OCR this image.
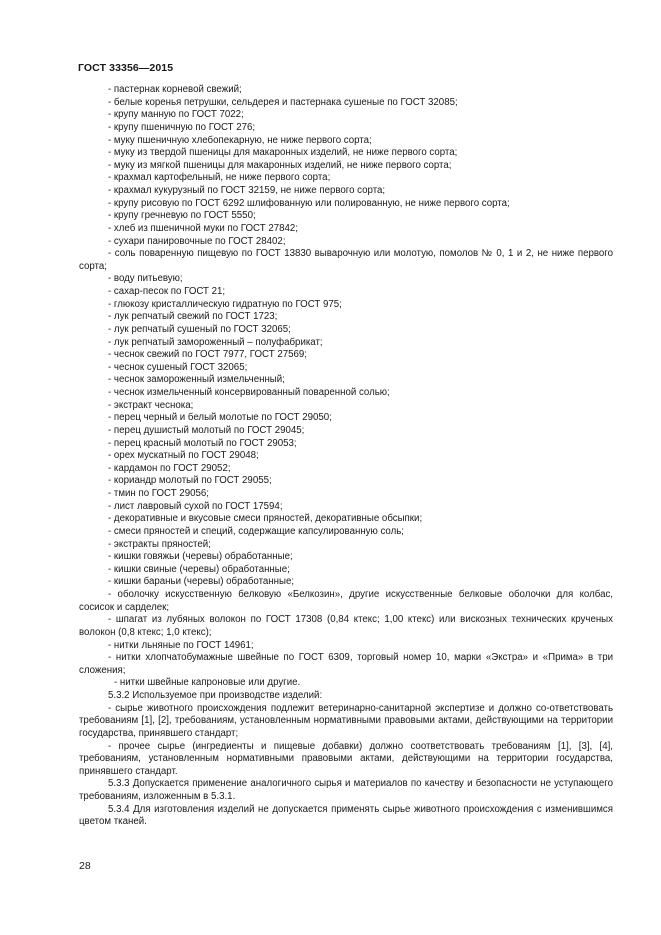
ГОСТ 33356—2015

- пастернак корневой свежий;

- белые коренья петрушки, сельдерея и пастернака сушеные по ГОСТ 32085;

- крупу манную по ГОСТ 7022;

- крупу пшеничную по ГОСТ 276;

- муку пшеничную хлебопекарную, не ниже первого сорта;

- муку из твердой пшеницы для макаронных изделий, не ниже первого сорта;

- муку из мягкой пшеницы для макаронных изделий, не ниже первого сорта;

- крахмал картофельный, не ниже первого сорта;

- крахмал кукурузный по ГОСТ 32159, не ниже первого сорта;

- крупу рисовую по ГОСТ 6292 шлифованную или полированную, не ниже первого сорта;

- крупу гречневую по ГОСТ 5550;

- хлеб из пшеничной муки по ГОСТ 27842;

- сухари панировочные по ГОСТ 28402;

- соль поваренную пищевую по ГОСТ 13830 выварочную или молотую, помолов № 0, 1 и 2, не ниже первого сорта;

- воду питьевую;

- сахар-песок по ГОСТ 21;

- глюкозу кристаллическую гидратную по ГОСТ 975;

- лук репчатый свежий по ГОСТ 1723;

- лук репчатый сушеный по ГОСТ 32065;

- лук репчатый замороженный – полуфабрикат;

- чеснок свежий по ГОСТ 7977, ГОСТ 27569;

- чеснок сушеный ГОСТ 32065;

- чеснок замороженный измельченный;

- чеснок измельченный консервированный поваренной солью;

- экстракт чеснока;

- перец черный и белый молотые по ГОСТ 29050;

- перец душистый молотый по ГОСТ 29045;

- перец красный молотый по ГОСТ 29053;

- орех мускатный по ГОСТ 29048;

- кардамон по ГОСТ 29052;

- кориандр молотый по ГОСТ 29055;

- тмин по ГОСТ 29056;

- лист лавровый сухой по ГОСТ 17594;

- декоративные и вкусовые смеси пряностей, декоративные обсыпки;

- смеси пряностей и специй, содержащие капсулированную соль;

- экстракты пряностей;

- кишки говяжьи (черевы) обработанные;

- кишки свиные (черевы) обработанные;

- кишки бараньи (черевы) обработанные;

- оболочку искусственную белковую «Белкозин», другие искусственные белковые оболочки для колбас, сосисок и сарделек;

- шпагат из лубяных волокон по ГОСТ 17308 (0,84 ктекс; 1,00 ктекс) или вискозных технических крученых волокон (0,8 ктекс; 1,0 ктекс);

- нитки льняные по ГОСТ 14961;

- нитки хлопчатобумажные швейные по ГОСТ 6309, торговый номер 10, марки «Экстра» и «Прима» в три сложения;

- нитки швейные капроновые или другие.

5.3.2 Используемое при производстве изделий:

- сырье животного происхождения подлежит ветеринарно-санитарной экспертизе и должно со-ответствовать требованиям [1], [2], требованиям, установленным нормативными правовыми актами, действующими на территории государства, принявшего стандарт;

- прочее сырье (ингредиенты и пищевые добавки) должно соответствовать требованиям [1], [3], [4], требованиям, установленным нормативными правовыми актами, действующими на территории государства, принявшего стандарт.

5.3.3 Допускается применение аналогичного сырья и материалов по качеству и безопасности не уступающего требованиям, изложенным в 5.3.1.

5.3.4 Для изготовления изделий не допускается применять сырье животного происхождения с изменившимся цветом тканей.

28
